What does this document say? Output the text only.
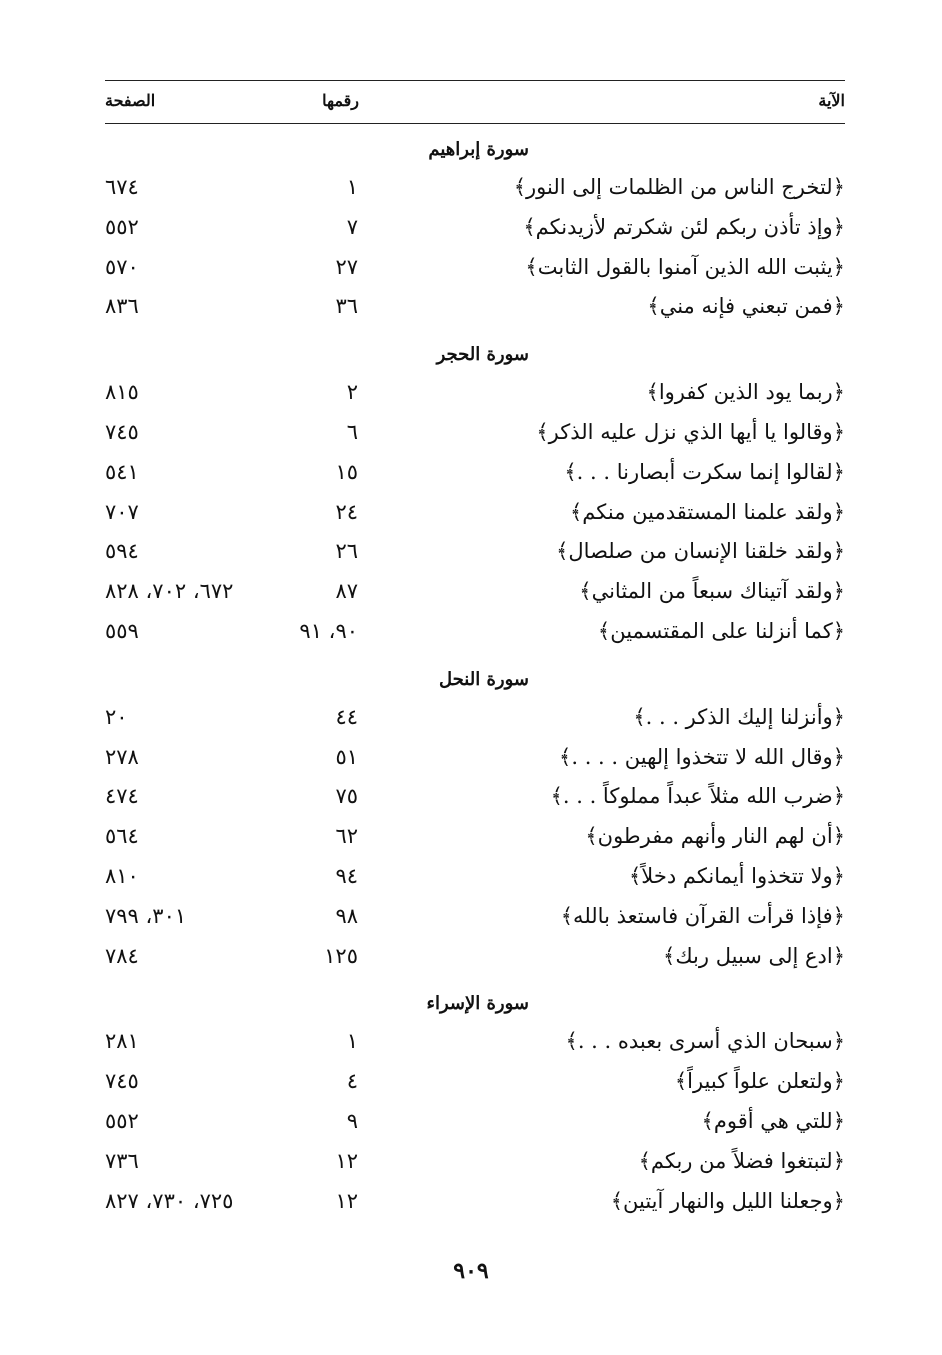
الآية
رقمها
الصفحة
سورة إبراهيم
﴿لتخرج الناس من الظلمات إلى النور﴾
١
٦٧٤
﴿وإذ تأذن ربكم لئن شكرتم لأزيدنكم﴾
٧
٥٥٢
﴿يثبت الله الذين آمنوا بالقول الثابت﴾
٢٧
٥٧٠
﴿فمن تبعني فإنه مني﴾
٣٦
٨٣٦
سورة الحجر
﴿ربما يود الذين كفروا﴾
٢
٨١٥
﴿وقالوا يا أيها الذي نزل عليه الذكر﴾
٦
٧٤٥
﴿لقالوا إنما سكرت أبصارنا . . .﴾
١٥
٥٤١
﴿ولقد علمنا المستقدمين منكم﴾
٢٤
٧٠٧
﴿ولقد خلقنا الإنسان من صلصال﴾
٢٦
٥٩٤
﴿ولقد آتيناك سبعاً من المثاني﴾
٨٧
٦٧٢، ٧٠٢، ٨٢٨
﴿كما أنزلنا على المقتسمين﴾
٩٠، ٩١
٥٥٩
سورة النحل
﴿وأنزلنا إليك الذكر . . .﴾
٤٤
٢٠
﴿وقال الله لا تتخذوا إلهين . . . .﴾
٥١
٢٧٨
﴿ضرب الله مثلاً عبداً مملوكاً . . .﴾
٧٥
٤٧٤
﴿أن لهم النار وأنهم مفرطون﴾
٦٢
٥٦٤
﴿ولا تتخذوا أيمانكم دخلاً﴾
٩٤
٨١٠
﴿فإذا قرأت القرآن فاستعذ بالله﴾
٩٨
٣٠١، ٧٩٩
﴿ادع إلى سبيل ربك﴾
١٢٥
٧٨٤
سورة الإسراء
﴿سبحان الذي أسرى بعبده . . .﴾
١
٢٨١
﴿ولتعلن علواً كبيراً﴾
٤
٧٤٥
﴿للتي هي أقوم﴾
٩
٥٥٢
﴿لتبتغوا فضلاً من ربكم﴾
١٢
٧٣٦
﴿وجعلنا الليل والنهار آيتين﴾
١٢
٧٢٥، ٧٣٠، ٨٢٧
٩٠٩
